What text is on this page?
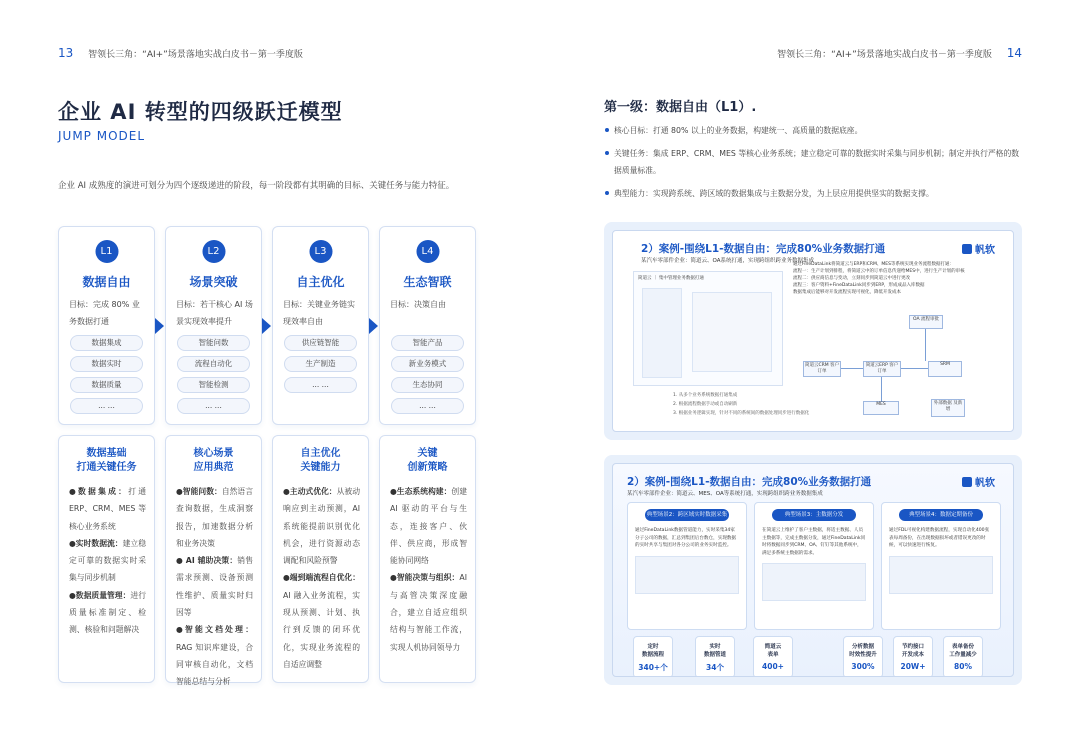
13 智领长三角：“AI+”场景落地实战白皮书－第一季度版	智领长三角：“AI+”场景落地实战白皮书－第一季度版 14
企业 AI 转型的四级跃迁模型
JUMP MODEL
企业 AI 成熟度的演进可划分为四个逐级递进的阶段，每一阶段都有其明确的目标、关键任务与能力特征。
L1
数据自由
目标：完成 80% 业务数据打通
数据集成
数据实时
数据质量
... ...
L2
场景突破
目标：若干核心 AI 场景实现效率提升
智能问数
流程自动化
智能检测
... ...
L3
自主优化
目标：关键业务链实现效率自由
供应链智能
生产制造
... ...
L4
生态智联
目标：决策自由
智能产品
新业务模式
生态协同
... ...
数据基础
打通关键任务
●数据集成：打通 ERP、CRM、MES 等核心业务系统
●实时数据流：建立稳定可靠的数据实时采集与同步机制
●数据质量管理：进行质量标准制定、检测、核验和问题解决
核心场景
应用典范
●智能问数：自然语言查询数据，生成洞察报告，加速数据分析和业务决策
● AI 辅助决策：销售需求预测、设备预测性维护、质量实时归因等
●智能文档处理：RAG 知识库建设，合同审核自动化，文档智能总结与分析
自主优化
关键能力
●主动式优化：从被动响应到主动预测，AI 系统能提前识别优化机会，进行资源动态调配和风险预警
●端到端流程自优化：AI 融入业务流程，实现从预测、计划、执行到反馈的闭环优化，实现业务流程的自适应调整
关键
创新策略
●生态系统构建：创建 AI 驱动的平台与生态，连接客户、伙伴、供应商，形成智能协同网络
●智能决策与组织：AI 与高管决策深度融合，建立自适应组织结构与智能工作流，实现人机协同领导力
第一级：数据自由（L1）.
核心目标：打通 80% 以上的业务数据，构建统一、高质量的数据底座。
关键任务：集成 ERP、CRM、MES 等核心业务系统；建立稳定可靠的数据实时采集与同步机制；制定并执行严格的数据质量标准。
典型能力：实现跨系统、跨区域的数据集成与主数据分发，为上层应用提供坚实的数据支撑。
2）案例-围绕L1-数据自由：完成80%业务数据打通
某汽车零部件企业：简道云、OA系统打通，实现跨组织跨业务数据集成
帆软
简道云 ｜ 集中管理业务数据打通
通过FineDataLink将简道云与ERP和CRM、MES等系统实现业务流程数据打通：
流程一：生产计划到排程，将简道云中的订单信息传递给MES中，进行生产计划的审核
流程二：供应商信息与变动，立刻同步到简道云中进行更改
流程三：客户资料+FineDataLink同步到ERP，形成成品入库数据
数据集成后能够对开发流程实现可视化，降低开发成本
OA 流程审批
简道云CRM 客户订单
简道云ERP 客户订单
SRM
MES	外部数据 及新增
1. 从多个业务系统数据打通集成
2. 根据流程数据手动或自动刷新
3. 根据业务逻辑实现，针对不同的系统间的数据处理同步进行数据化
2）案例-围绕L1-数据自由：完成80%业务数据打通
某汽车零部件企业：简道云、MES、OA等系统打通，实现跨组织跨业务数据集成
帆软
典型场景2：跨区域实时数据采集
通过FineDataLink数据管道能力，实时采集34家分子公司的数据，汇总到集团后台数仓，实现数据的实时共享与集团对各分公司的业务实时监控。
典型场景3：主数据分发
在简道云上维护了客户主数据，将适主数据、人员主数据等，完成主数据分发，通过FineDataLink同时将数据同步到CRM、OA、钉钉等其他系统中，满足多系统主数据的需求。
典型场景4：数据定期备份
通过FDL可视化构建数据流程，实现自动化400张表每周备份，在出现数据损坏或者错误更改的时候，可以快速进行恢复。
定时
数据流程
340+个
实时
数据管道
34个
简道云
表单
400+
分析数据
时效性提升
300%
节约接口
开发成本
20W+
表单备份
工作量减少
80%
